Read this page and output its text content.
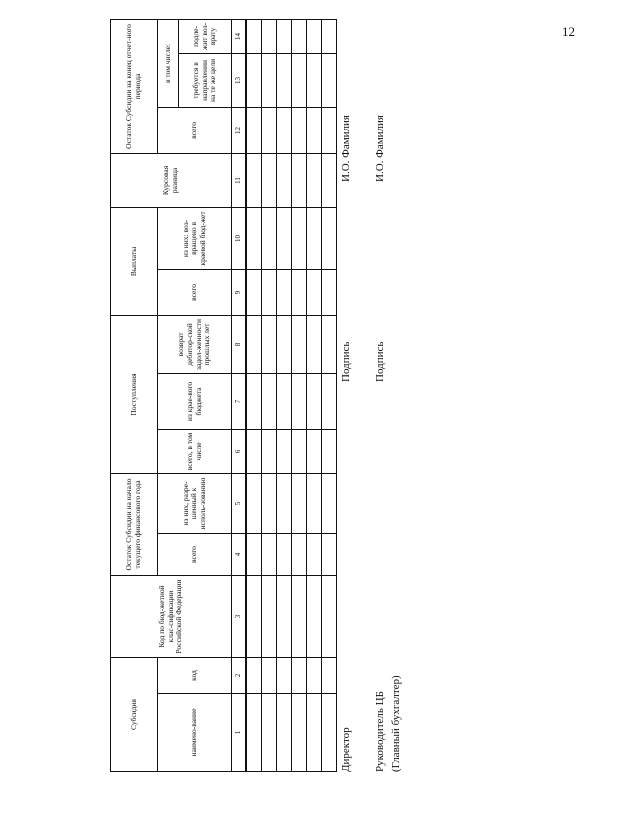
12
Субсидия		Код по бюд-жетной клас-сификации Российской Федерации	Остаток Субсидии на начало текущего финансового года		Поступления			Выплаты		Курсовая разница	Остаток Субсидии на конец отчет-ного периода		
наимено-вание	код		всего	из них, разре-шенный к исполь-зованию	всего, в том числе	из крае-вого бюджета	возврат дебитор-ской задол-женности прошлых лет	всего	из них: воз-вращено в краевой бюд-жет		всего	в том числе:	
												требуется в направлении на те же цели	подле-жит воз-врату
1	2	3	4	5	6	7	8	9	10	11	12	13	14

Директор
Подпись
И.О. Фамилия
Руководитель ЦБ
Подпись
И.О. Фамилия
(Главный бухгалтер)
